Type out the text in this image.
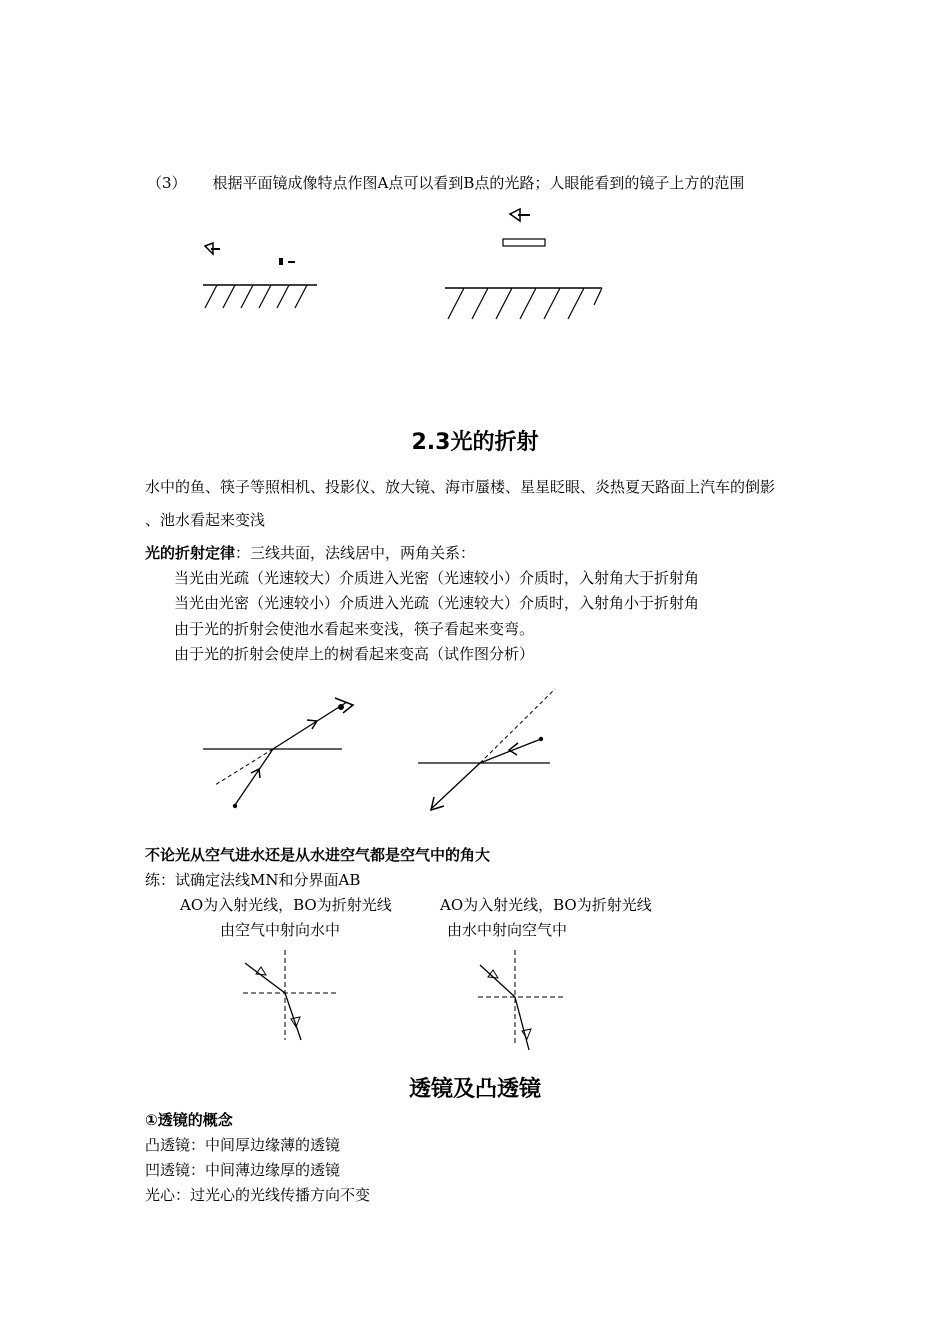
（3） 根据平面镜成像特点作图A点可以看到B点的光路；人眼能看到的镜子上方的范围
2.3光的折射
水中的鱼、筷子等照相机、投影仪、放大镜、海市蜃楼、星星眨眼、炎热夏天路面上汽车的倒影
、池水看起来变浅
光的折射定律：三线共面，法线居中，两角关系：
当光由光疏（光速较大）介质进入光密（光速较小）介质时，入射角大于折射角
当光由光密（光速较小）介质进入光疏（光速较大）介质时，入射角小于折射角
由于光的折射会使池水看起来变浅，筷子看起来变弯。
由于光的折射会使岸上的树看起来变高（试作图分析）
不论光从空气进水还是从水进空气都是空气中的角大
练：试确定法线MN和分界面AB
AO为入射光线，BO为折射光线	AO为入射光线，BO为折射光线
由空气中射向水中	由水中射向空气中
透镜及凸透镜
①透镜的概念
凸透镜：中间厚边缘薄的透镜
凹透镜：中间薄边缘厚的透镜
光心：过光心的光线传播方向不变
